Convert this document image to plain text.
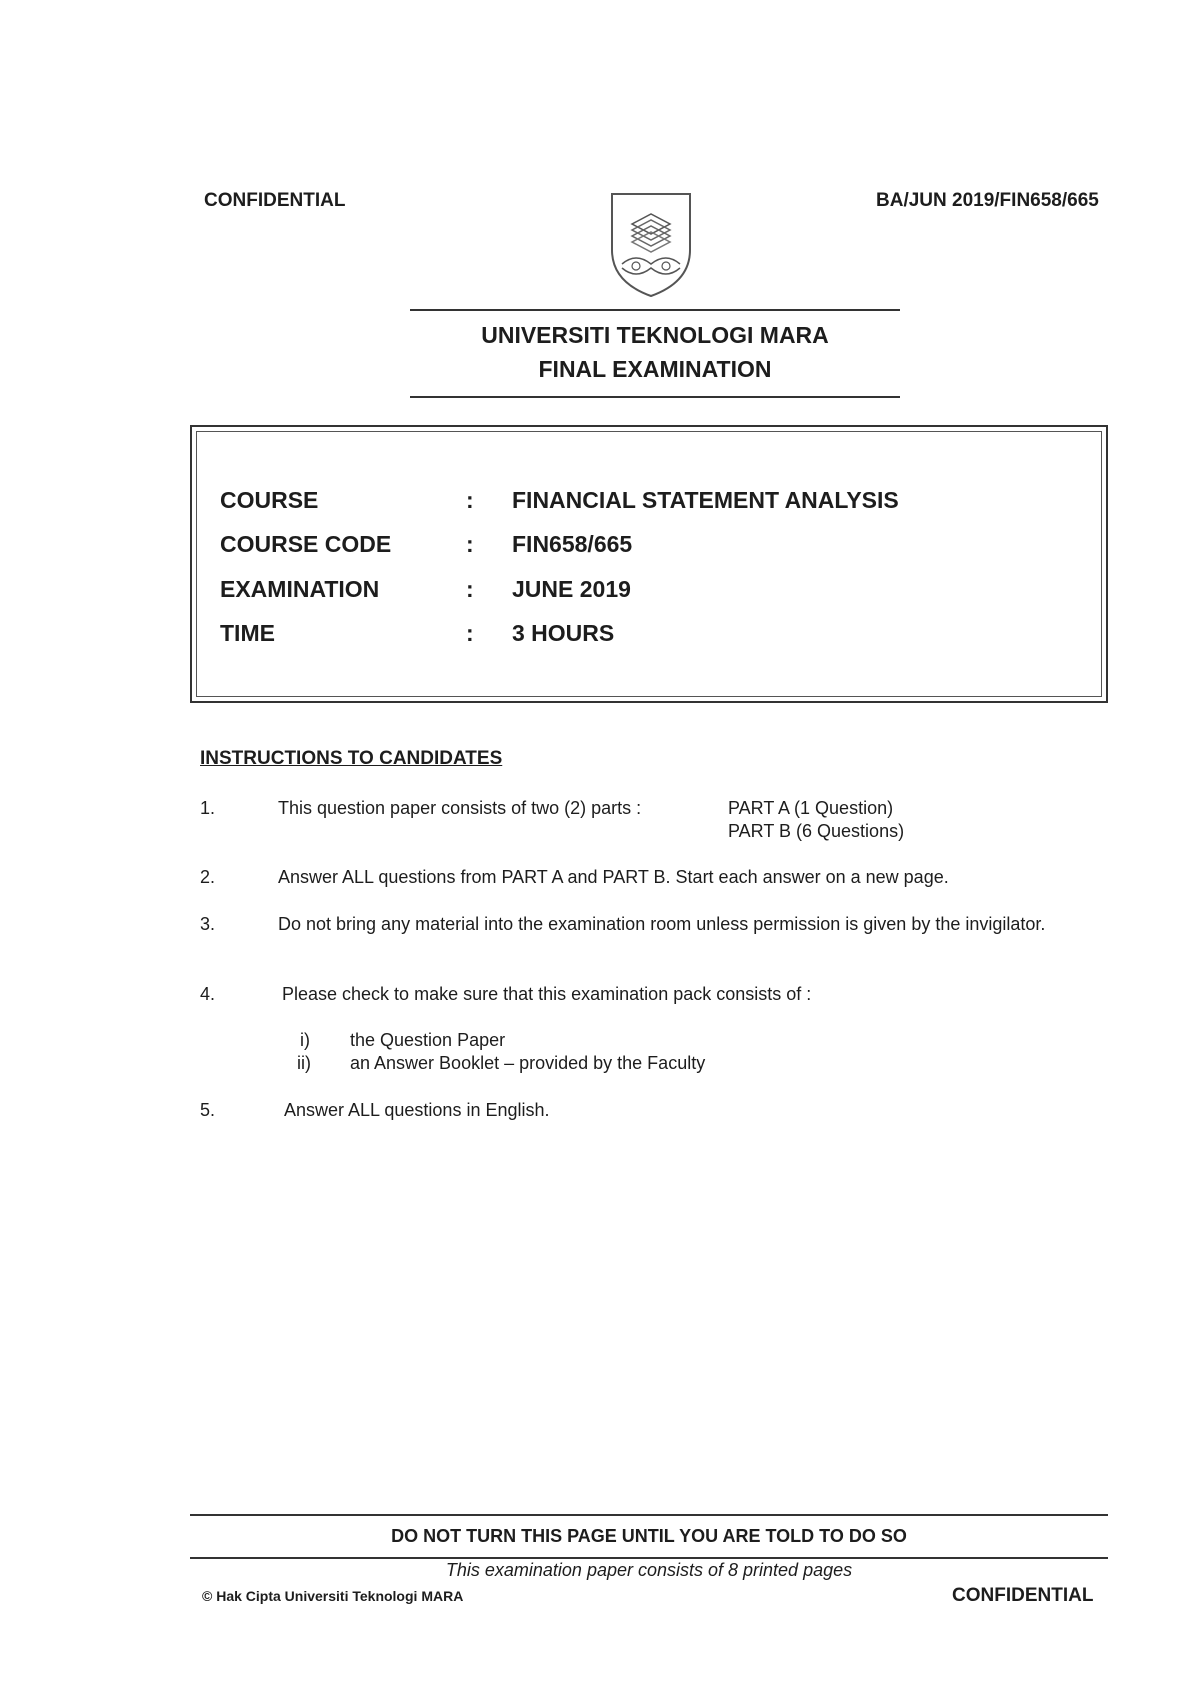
CONFIDENTIAL	BA/JUN 2019/FIN658/665
UNIVERSITI TEKNOLOGI MARA
FINAL EXAMINATION
COURSE	: FINANCIAL STATEMENT ANALYSIS
COURSE CODE	: FIN658/665
EXAMINATION	: JUNE 2019
TIME	: 3 HOURS
INSTRUCTIONS TO CANDIDATES
1.	This question paper consists of two (2) parts :	PART A (1 Question)
PART B (6 Questions)
2.	Answer ALL questions from PART A and PART B. Start each answer on a new page.
3.	Do not bring any material into the examination room unless permission is given by the invigilator.
4.	Please check to make sure that this examination pack consists of :
i) the Question Paper
ii) an Answer Booklet – provided by the Faculty
5.	Answer ALL questions in English.
DO NOT TURN THIS PAGE UNTIL YOU ARE TOLD TO DO SO
This examination paper consists of 8 printed pages
© Hak Cipta Universiti Teknologi MARA	CONFIDENTIAL
